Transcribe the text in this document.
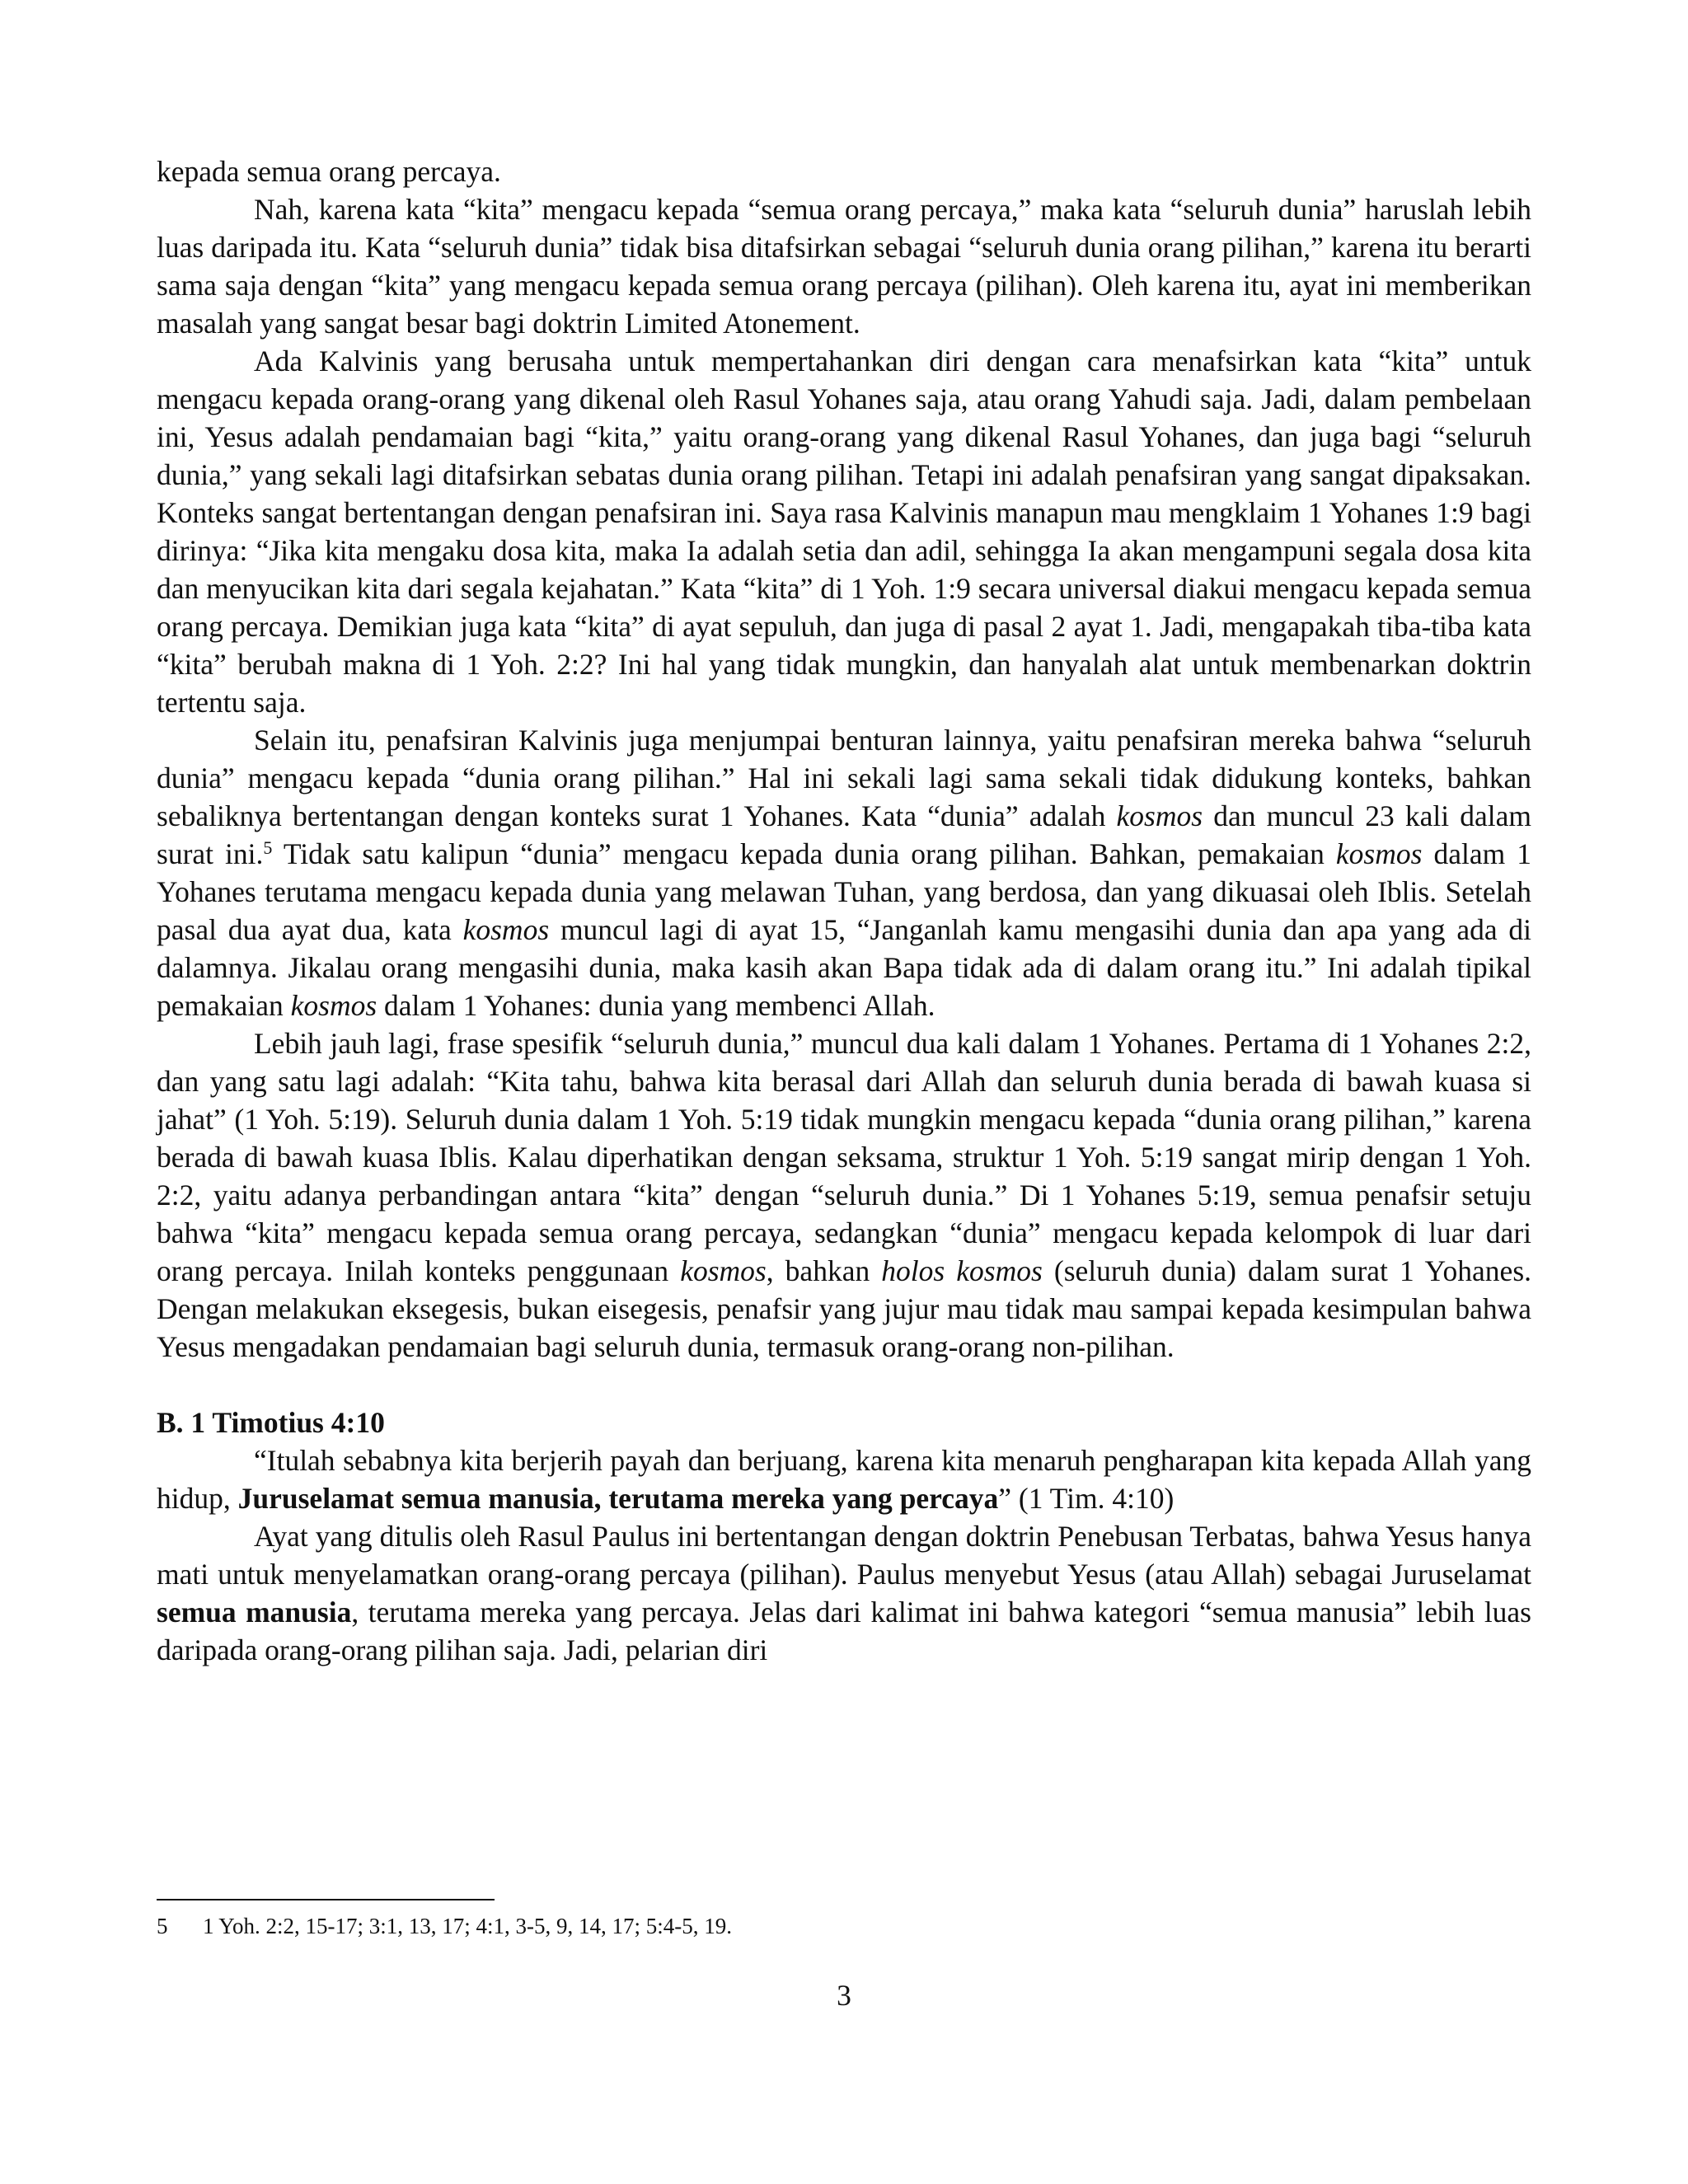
kepada semua orang percaya.

Nah, karena kata “kita” mengacu kepada “semua orang percaya,” maka kata “seluruh dunia” haruslah lebih luas daripada itu. Kata “seluruh dunia” tidak bisa ditafsirkan sebagai “seluruh dunia orang pilihan,” karena itu berarti sama saja dengan “kita” yang mengacu kepada semua orang percaya (pilihan). Oleh karena itu, ayat ini memberikan masalah yang sangat besar bagi doktrin Limited Atonement.

Ada Kalvinis yang berusaha untuk mempertahankan diri dengan cara menafsirkan kata “kita” untuk mengacu kepada orang-orang yang dikenal oleh Rasul Yohanes saja, atau orang Yahudi saja. Jadi, dalam pembelaan ini, Yesus adalah pendamaian bagi “kita,” yaitu orang-orang yang dikenal Rasul Yohanes, dan juga bagi “seluruh dunia,” yang sekali lagi ditafsirkan sebatas dunia orang pilihan. Tetapi ini adalah penafsiran yang sangat dipaksakan. Konteks sangat bertentangan dengan penafsiran ini. Saya rasa Kalvinis manapun mau mengklaim 1 Yohanes 1:9 bagi dirinya: “Jika kita mengaku dosa kita, maka Ia adalah setia dan adil, sehingga Ia akan mengampuni segala dosa kita dan menyucikan kita dari segala kejahatan.” Kata “kita” di 1 Yoh. 1:9 secara universal diakui mengacu kepada semua orang percaya. Demikian juga kata “kita” di ayat sepuluh, dan juga di pasal 2 ayat 1. Jadi, mengapakah tiba-tiba kata “kita” berubah makna di 1 Yoh. 2:2? Ini hal yang tidak mungkin, dan hanyalah alat untuk membenarkan doktrin tertentu saja.

Selain itu, penafsiran Kalvinis juga menjumpai benturan lainnya, yaitu penafsiran mereka bahwa “seluruh dunia” mengacu kepada “dunia orang pilihan.” Hal ini sekali lagi sama sekali tidak didukung konteks, bahkan sebaliknya bertentangan dengan konteks surat 1 Yohanes. Kata “dunia” adalah kosmos dan muncul 23 kali dalam surat ini.$^5$ Tidak satu kalipun “dunia” mengacu kepada dunia orang pilihan. Bahkan, pemakaian kosmos dalam 1 Yohanes terutama mengacu kepada dunia yang melawan Tuhan, yang berdosa, dan yang dikuasai oleh Iblis. Setelah pasal dua ayat dua, kata kosmos muncul lagi di ayat 15, “Janganlah kamu mengasihi dunia dan apa yang ada di dalamnya. Jikalau orang mengasihi dunia, maka kasih akan Bapa tidak ada di dalam orang itu.” Ini adalah tipikal pemakaian kosmos dalam 1 Yohanes: dunia yang membenci Allah.

Lebih jauh lagi, frase spesifik “seluruh dunia,” muncul dua kali dalam 1 Yohanes. Pertama di 1 Yohanes 2:2, dan yang satu lagi adalah: “Kita tahu, bahwa kita berasal dari Allah dan seluruh dunia berada di bawah kuasa si jahat” (1 Yoh. 5:19). Seluruh dunia dalam 1 Yoh. 5:19 tidak mungkin mengacu kepada “dunia orang pilihan,” karena berada di bawah kuasa Iblis. Kalau diperhatikan dengan seksama, struktur 1 Yoh. 5:19 sangat mirip dengan 1 Yoh. 2:2, yaitu adanya perbandingan antara “kita” dengan “seluruh dunia.” Di 1 Yohanes 5:19, semua penafsir setuju bahwa “kita” mengacu kepada semua orang percaya, sedangkan “dunia” mengacu kepada kelompok di luar dari orang percaya. Inilah konteks penggunaan kosmos, bahkan holos kosmos (seluruh dunia) dalam surat 1 Yohanes. Dengan melakukan eksegesis, bukan eisegesis, penafsir yang jujur mau tidak mau sampai kepada kesimpulan bahwa Yesus mengadakan pendamaian bagi seluruh dunia, termasuk orang-orang non-pilihan.

B. 1 Timotius 4:10

“Itulah sebabnya kita berjerih payah dan berjuang, karena kita menaruh pengharapan kita kepada Allah yang hidup, Juruselamat semua manusia, terutama mereka yang percaya” (1 Tim. 4:10)

Ayat yang ditulis oleh Rasul Paulus ini bertentangan dengan doktrin Penebusan Terbatas, bahwa Yesus hanya mati untuk menyelamatkan orang-orang percaya (pilihan). Paulus menyebut Yesus (atau Allah) sebagai Juruselamat semua manusia, terutama mereka yang percaya. Jelas dari kalimat ini bahwa kategori “semua manusia” lebih luas daripada orang-orang pilihan saja. Jadi, pelarian diri

5 1 Yoh. 2:2, 15-17; 3:1, 13, 17; 4:1, 3-5, 9, 14, 17; 5:4-5, 19.
3
